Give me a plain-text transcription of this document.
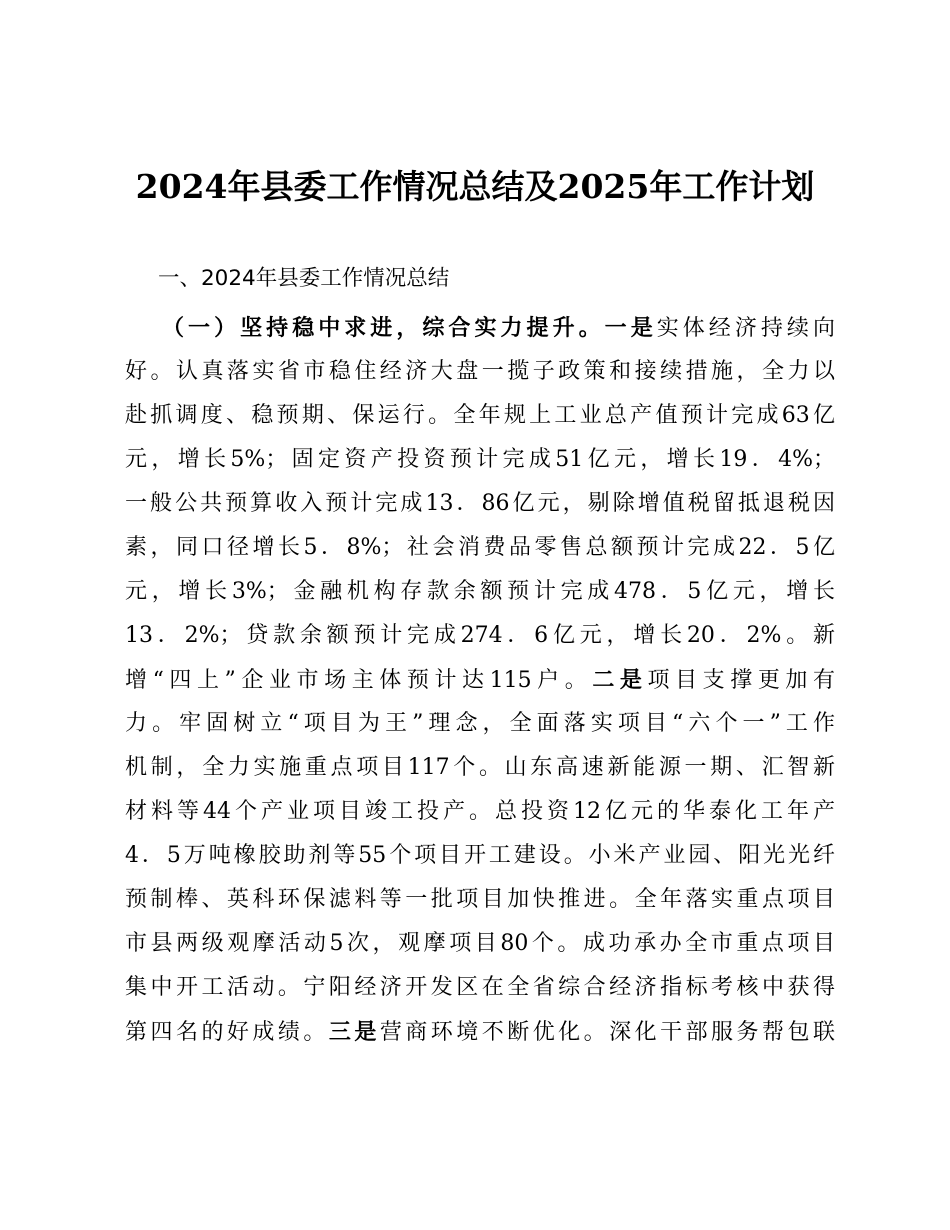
2024年县委工作情况总结及2025年工作计划
一、2024年县委工作情况总结
（一）坚持稳中求进，综合实力提升。一是实体经济持续向
好。认真落实省市稳住经济大盘一揽子政策和接续措施，全力以
赴抓调度、稳预期、保运行。全年规上工业总产值预计完成63亿
元，增长5%；固定资产投资预计完成51亿元，增长19．4%；
一般公共预算收入预计完成13．86亿元，剔除增值税留抵退税因
素，同口径增长5．8%；社会消费品零售总额预计完成22．5亿
元，增长3%；金融机构存款余额预计完成478．5亿元，增长
13．2%；贷款余额预计完成274．6亿元，增长20．2%。新
增“四上”企业市场主体预计达115户。二是项目支撑更加有
力。牢固树立“项目为王”理念，全面落实项目“六个一”工作
机制，全力实施重点项目117个。山东高速新能源一期、汇智新
材料等44个产业项目竣工投产。总投资12亿元的华泰化工年产
4．5万吨橡胶助剂等55个项目开工建设。小米产业园、阳光光纤
预制棒、英科环保滤料等一批项目加快推进。全年落实重点项目
市县两级观摩活动5次，观摩项目80个。成功承办全市重点项目
集中开工活动。宁阳经济开发区在全省综合经济指标考核中获得
第四名的好成绩。三是营商环境不断优化。深化干部服务帮包联
